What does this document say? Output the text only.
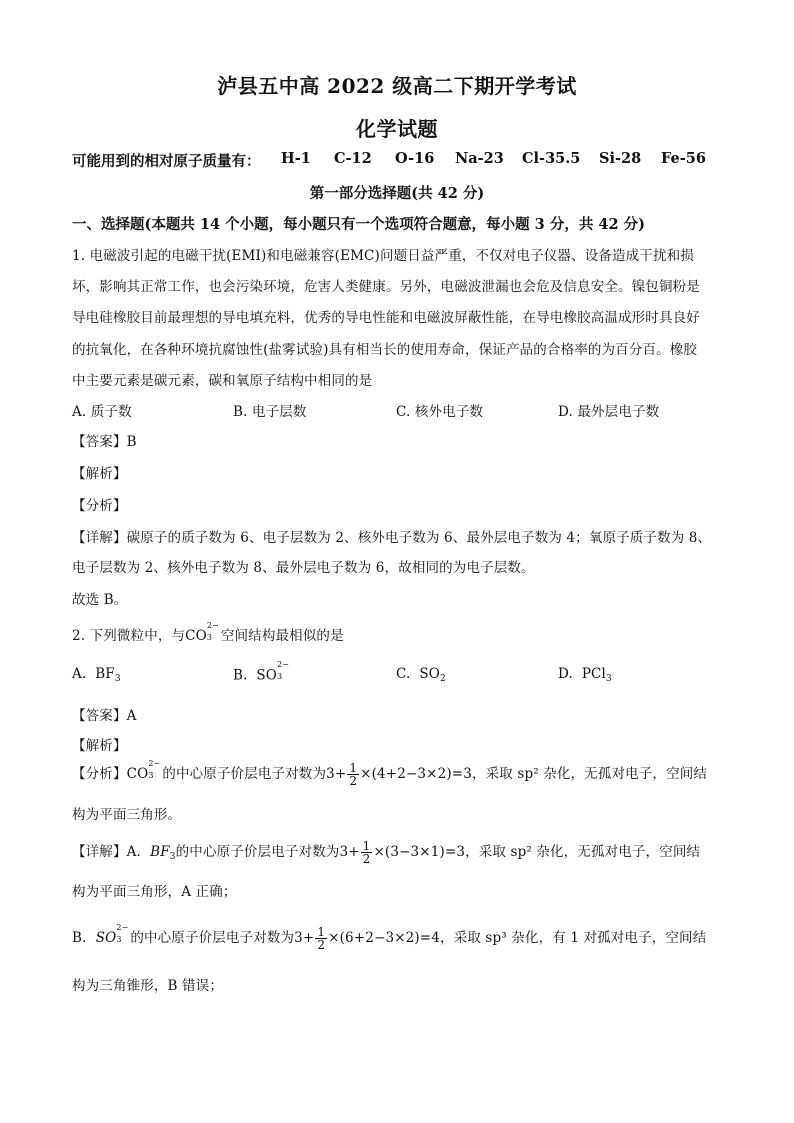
泸县五中高 2022 级高二下期开学考试
化学试题
可能用到的相对原子质量有： H-1 C-12 O-16 Na-23 Cl-35.5 Si-28 Fe-56
第一部分选择题(共 42 分)
一、选择题(本题共 14 个小题，每小题只有一个选项符合题意，每小题 3 分，共 42 分)
1. 电磁波引起的电磁干扰(EMI)和电磁兼容(EMC)问题日益严重，不仅对电子仪器、设备造成干扰和损
坏，影响其正常工作，也会污染环境，危害人类健康。另外，电磁波泄漏也会危及信息安全。镍包铜粉是
导电硅橡胶目前最理想的导电填充料，优秀的导电性能和电磁波屏蔽性能，在导电橡胶高温成形时具良好
的抗氧化，在各种环境抗腐蚀性(盐雾试验)具有相当长的使用寿命，保证产品的合格率的为百分百。橡胶
中主要元素是碳元素，碳和氧原子结构中相同的是
A. 质子数	B. 电子层数	C. 核外电子数	D. 最外层电子数
【答案】B
【解析】
【分析】
【详解】碳原子的质子数为 6、电子层数为 2、核外电子数为 6、最外层电子数为 4；氧原子质子数为 8、
电子层数为 2、核外电子数为 8、最外层电子数为 6，故相同的为电子层数。
故选 B。
2. 下列微粒中，与CO
2−
3 空间结构最相似的是
A. $BF_3$	B. SO
2−
3	C. $SO_2$	D. PCl$_3$
【答案】A
【解析】
【分析】CO
2−
3 的中心原子价层电子对数为$3+ \frac{1}{2} \times(4+2-3\times 2)=3$，采取 sp² 杂化，无孤对电子，空间结
构为平面三角形。
【详解】A．$BF_3$的中心原子价层电子对数为$3+ \frac{1}{2} \times(3-3\times 1)=3$，采取 sp² 杂化，无孤对电子，空间结
构为平面三角形，A 正确；
B．SO
2−
3 的中心原子价层电子对数为$3+ \frac{1}{2} \times(6+2-3\times 2)=4$，采取 sp³ 杂化，有 1 对孤对电子，空间结
构为三角锥形，B 错误；
